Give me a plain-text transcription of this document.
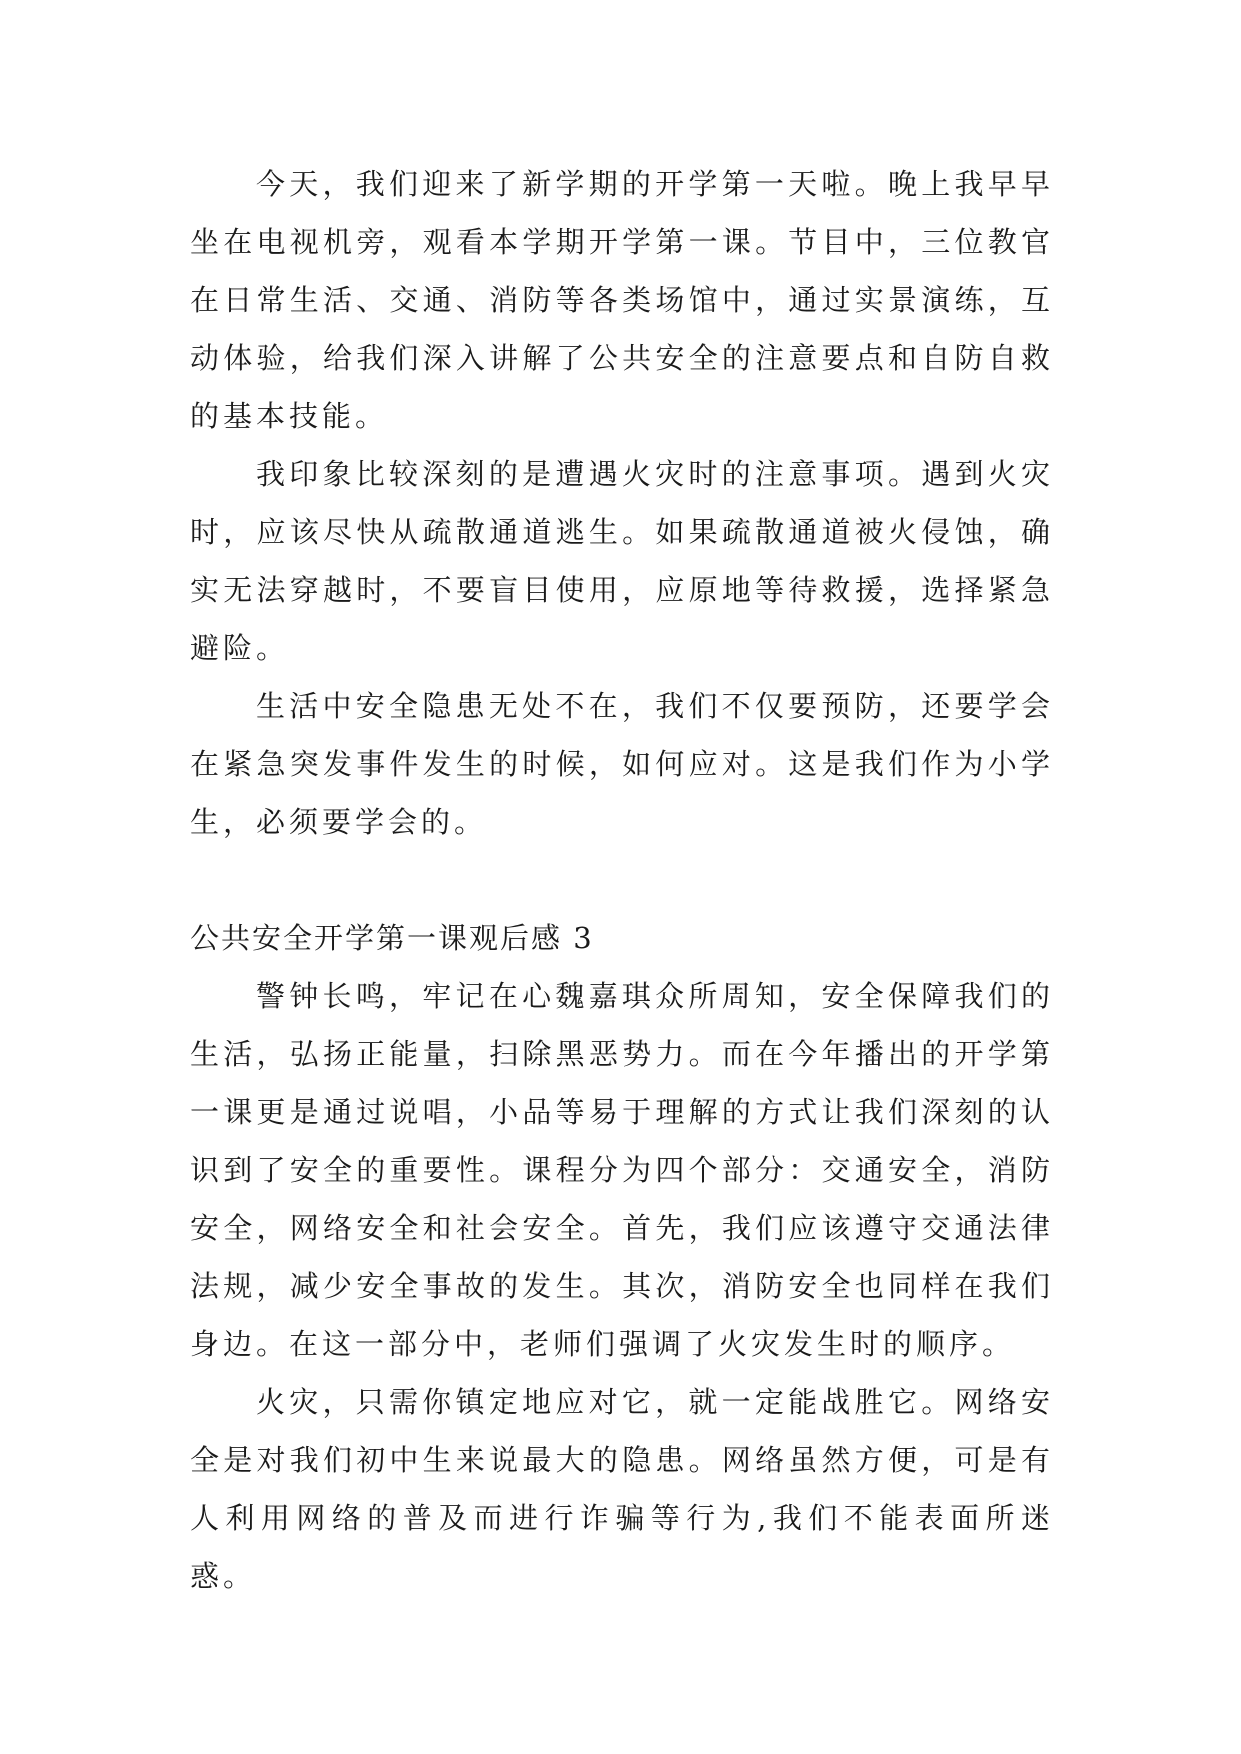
今天，我们迎来了新学期的开学第一天啦。晚上我早早坐在电视机旁，观看本学期开学第一课。节目中，三位教官在日常生活、交通、消防等各类场馆中，通过实景演练，互动体验，给我们深入讲解了公共安全的注意要点和自防自救的基本技能。

我印象比较深刻的是遭遇火灾时的注意事项。遇到火灾时，应该尽快从疏散通道逃生。如果疏散通道被火侵蚀，确实无法穿越时，不要盲目使用，应原地等待救援，选择紧急避险。

生活中安全隐患无处不在，我们不仅要预防，还要学会在紧急突发事件发生的时候，如何应对。这是我们作为小学生，必须要学会的。

公共安全开学第一课观后感 3

警钟长鸣，牢记在心魏嘉琪众所周知，安全保障我们的生活，弘扬正能量，扫除黑恶势力。而在今年播出的开学第一课更是通过说唱，小品等易于理解的方式让我们深刻的认识到了安全的重要性。课程分为四个部分：交通安全，消防安全，网络安全和社会安全。首先，我们应该遵守交通法律法规，减少安全事故的发生。其次，消防安全也同样在我们身边。在这一部分中，老师们强调了火灾发生时的顺序。

火灾，只需你镇定地应对它，就一定能战胜它。网络安全是对我们初中生来说最大的隐患。网络虽然方便，可是有人利用网络的普及而进行诈骗等行为,我们不能表面所迷惑。
